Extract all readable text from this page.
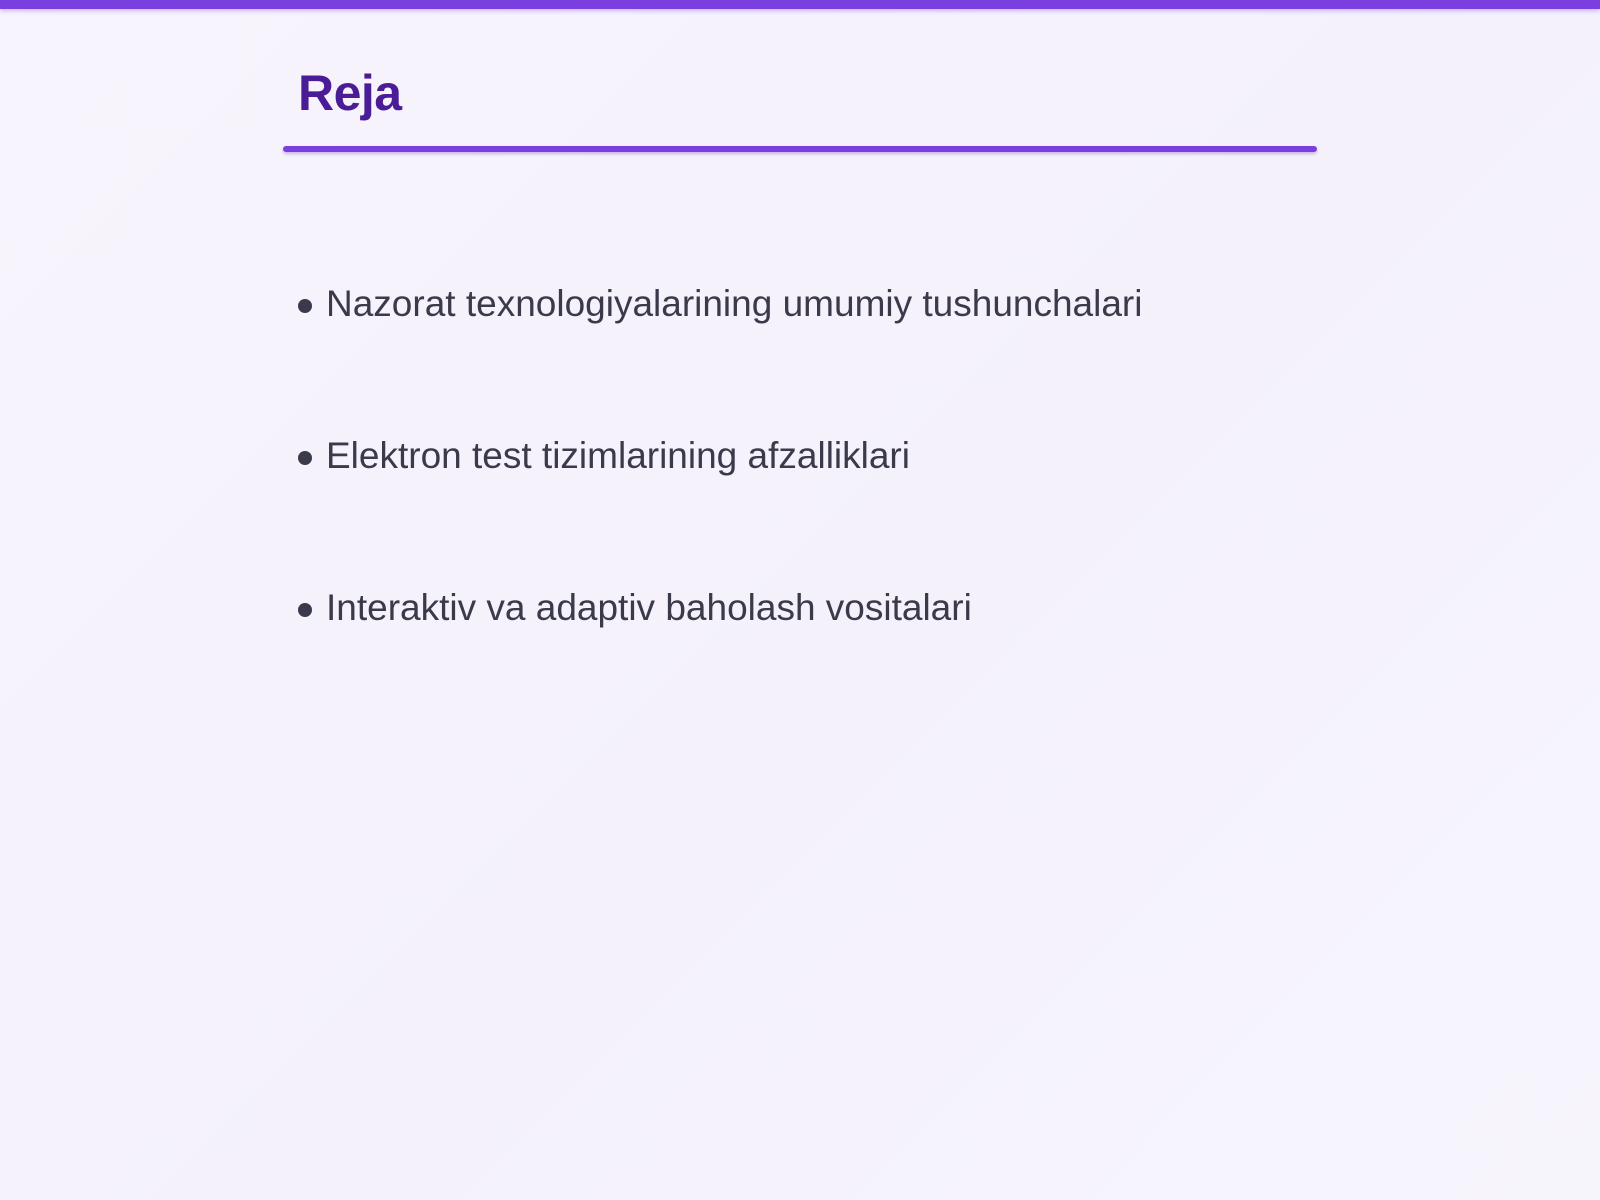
Reja
Nazorat texnologiyalarining umumiy tushunchalari
Elektron test tizimlarining afzalliklari
Interaktiv va adaptiv baholash vositalari
